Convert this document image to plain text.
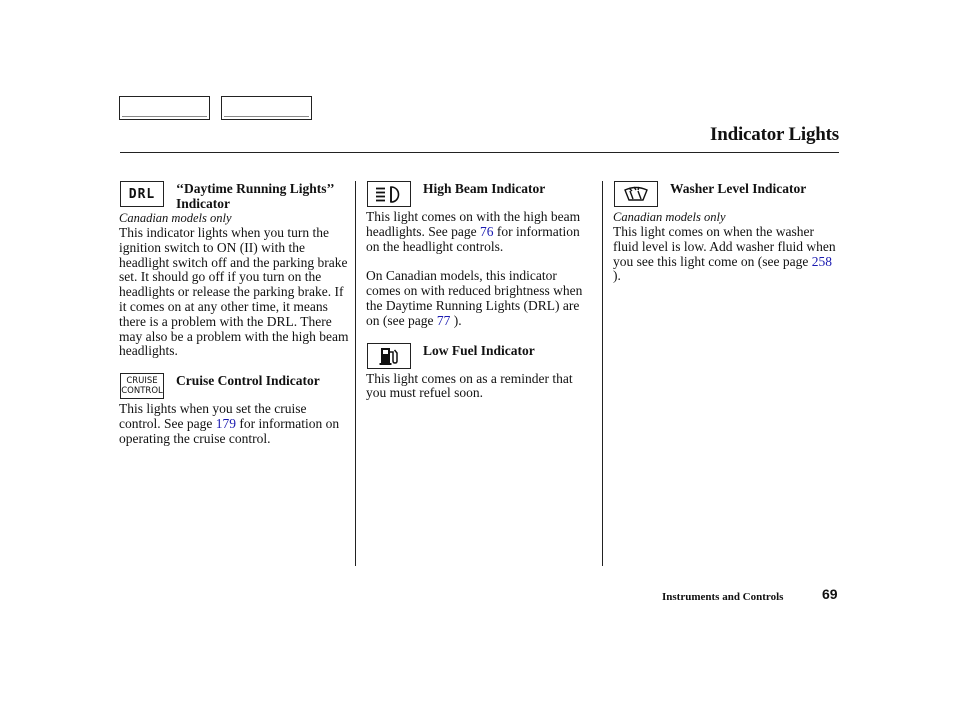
Indicator Lights
DRL ‘‘Daytime Running Lights’’ Indicator
Canadian models only

This indicator lights when you turn the ignition switch to ON (II) with the headlight switch off and the parking brake set. It should go off if you turn on the headlights or release the parking brake. If it comes on at any other time, it means there is a problem with the DRL. There may also be a problem with the high beam headlights.

CRUISE
CONTROL
Cruise Control Indicator

This lights when you set the cruise control. See page 179 for information on operating the cruise control.

High Beam Indicator

This light comes on with the high beam headlights. See page 76 for information on the headlight controls.

On Canadian models, this indicator comes on with reduced brightness when the Daytime Running Lights (DRL) are on (see page 77 ).

Low Fuel Indicator

This light comes on as a reminder that you must refuel soon.

Washer Level Indicator
Canadian models only

This light comes on when the washer fluid level is low. Add washer fluid when you see this light come on (see page 258 ).

Instruments and Controls	69
